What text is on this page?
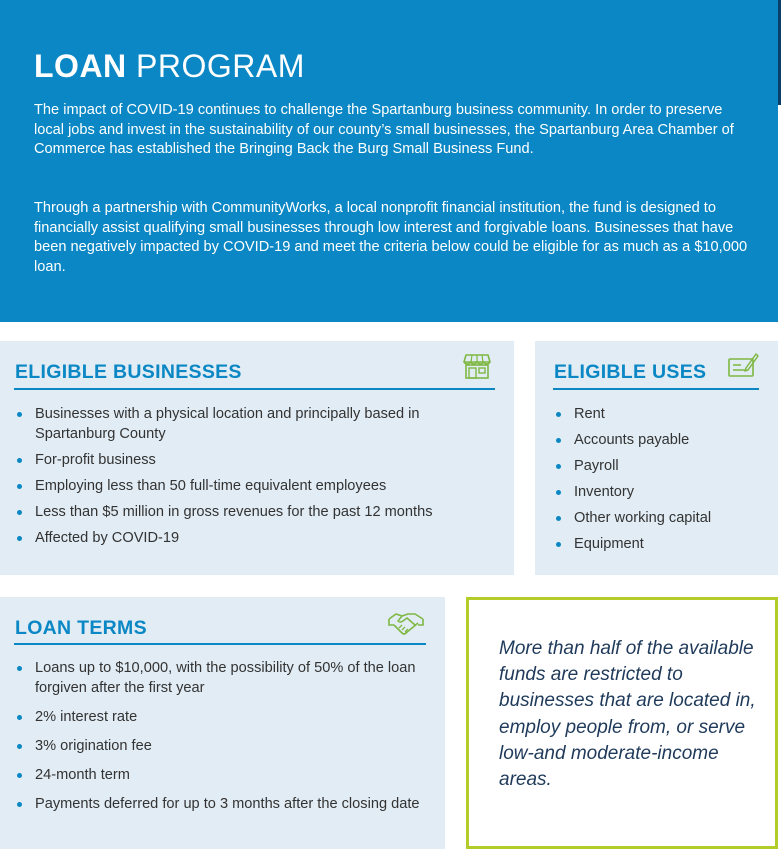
LOAN PROGRAM

The impact of COVID-19 continues to challenge the Spartanburg business community. In order to preserve local jobs and invest in the sustainability of our county’s small businesses, the Spartanburg Area Chamber of Commerce has established the Bringing Back the Burg Small Business Fund.

Through a partnership with CommunityWorks, a local nonprofit financial institution, the fund is designed to financially assist qualifying small businesses through low interest and forgivable loans. Businesses that have been negatively impacted by COVID-19 and meet the criteria below could be eligible for as much as a $10,000 loan.

ELIGIBLE BUSINESSES
Businesses with a physical location and principally based in Spartanburg County
For-profit business
Employing less than 50 full-time equivalent employees
Less than $5 million in gross revenues for the past 12 months
Affected by COVID-19
ELIGIBLE USES
Rent
Accounts payable
Payroll
Inventory
Other working capital
Equipment
LOAN TERMS
Loans up to $10,000, with the possibility of 50% of the loan forgiven after the first year
2% interest rate
3% origination fee
24-month term
Payments deferred for up to 3 months after the closing date

More than half of the available funds are restricted to businesses that are located in, employ people from, or serve low-and moderate-income areas.
